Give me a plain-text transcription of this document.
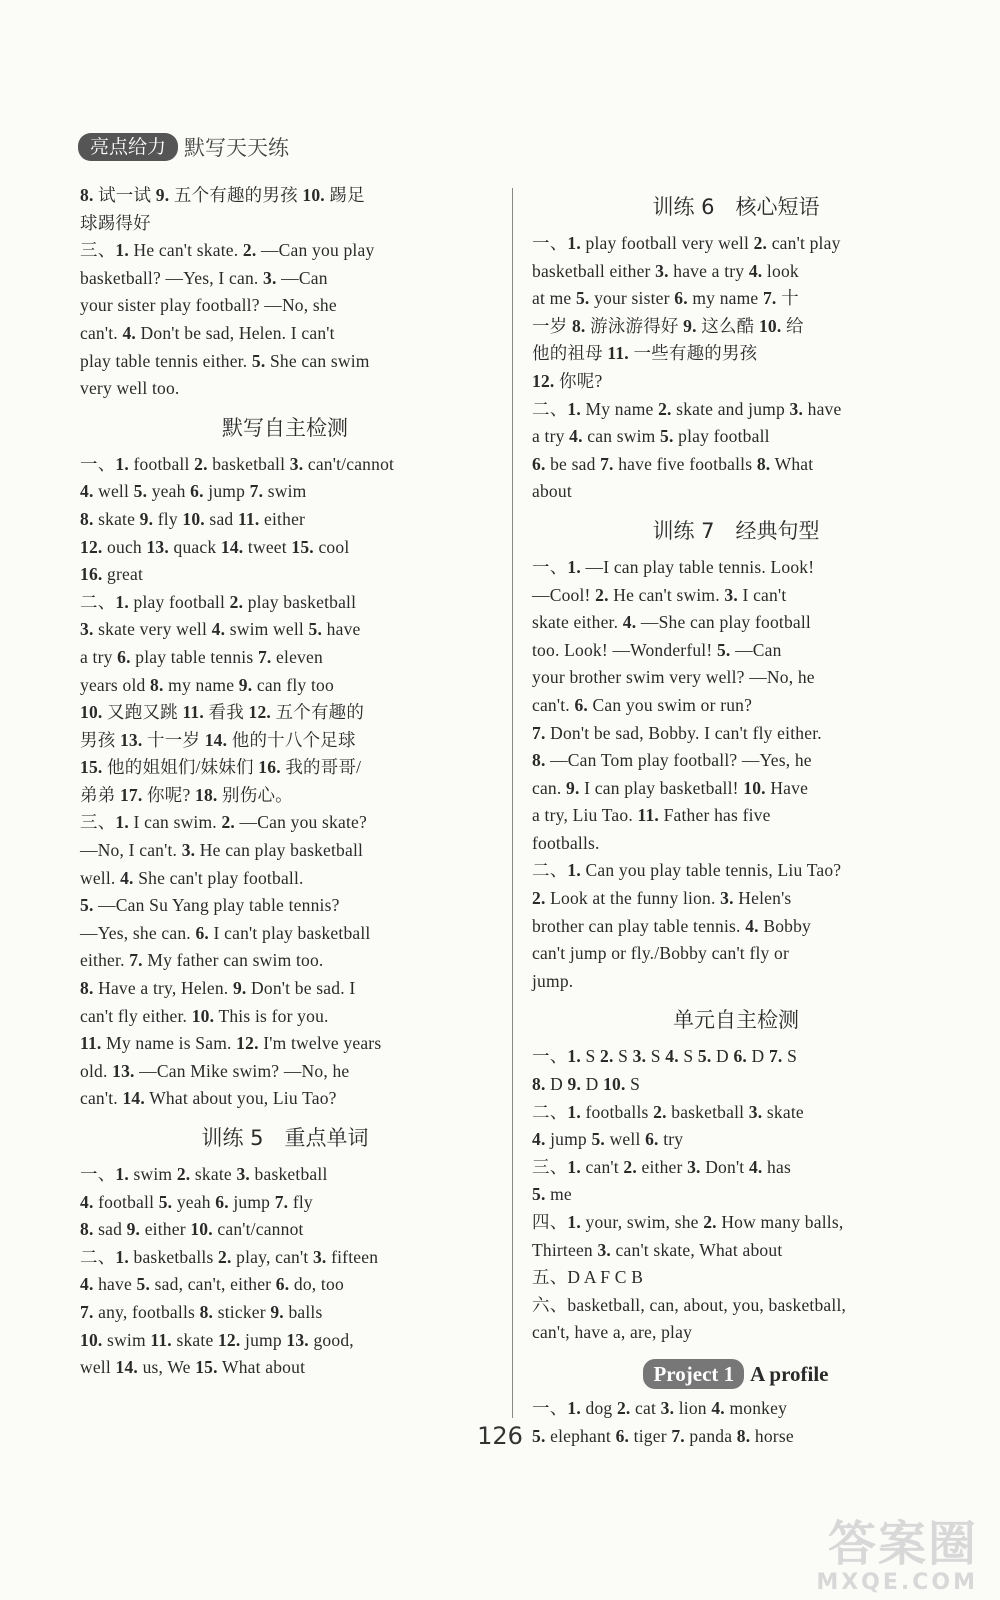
亮点给力 默写天天练
8. 试一试 9. 五个有趣的男孩 10. 踢足
球踢得好
三、1. He can't skate. 2. —Can you play
basketball? —Yes, I can. 3. —Can
your sister play football? —No, she
can't. 4. Don't be sad, Helen. I can't
play table tennis either. 5. She can swim
very well too.
默写自主检测
一、1. football 2. basketball 3. can't/cannot
4. well 5. yeah 6. jump 7. swim
8. skate 9. fly 10. sad 11. either
12. ouch 13. quack 14. tweet 15. cool
16. great
二、1. play football 2. play basketball
3. skate very well 4. swim well 5. have
a try 6. play table tennis 7. eleven
years old 8. my name 9. can fly too
10. 又跑又跳 11. 看我 12. 五个有趣的
男孩 13. 十一岁 14. 他的十八个足球
15. 他的姐姐们/妹妹们 16. 我的哥哥/
弟弟 17. 你呢? 18. 别伤心。
三、1. I can swim. 2. —Can you skate?
—No, I can't. 3. He can play basketball
well. 4. She can't play football.
5. —Can Su Yang play table tennis?
—Yes, she can. 6. I can't play basketball
either. 7. My father can swim too.
8. Have a try, Helen. 9. Don't be sad. I
can't fly either. 10. This is for you.
11. My name is Sam. 12. I'm twelve years
old. 13. —Can Mike swim? —No, he
can't. 14. What about you, Liu Tao?
训练 5　重点单词
一、1. swim 2. skate 3. basketball
4. football 5. yeah 6. jump 7. fly
8. sad 9. either 10. can't/cannot
二、1. basketballs 2. play, can't 3. fifteen
4. have 5. sad, can't, either 6. do, too
7. any, footballs 8. sticker 9. balls
10. swim 11. skate 12. jump 13. good,
well 14. us, We 15. What about
训练 6　核心短语
一、1. play football very well 2. can't play
basketball either 3. have a try 4. look
at me 5. your sister 6. my name 7. 十
一岁 8. 游泳游得好 9. 这么酷 10. 给
他的祖母 11. 一些有趣的男孩
12. 你呢?
二、1. My name 2. skate and jump 3. have
a try 4. can swim 5. play football
6. be sad 7. have five footballs 8. What
about
训练 7　经典句型
一、1. —I can play table tennis. Look!
—Cool! 2. He can't swim. 3. I can't
skate either. 4. —She can play football
too. Look! —Wonderful! 5. —Can
your brother swim very well? —No, he
can't. 6. Can you swim or run?
7. Don't be sad, Bobby. I can't fly either.
8. —Can Tom play football? —Yes, he
can. 9. I can play basketball! 10. Have
a try, Liu Tao. 11. Father has five
footballs.
二、1. Can you play table tennis, Liu Tao?
2. Look at the funny lion. 3. Helen's
brother can play table tennis. 4. Bobby
can't jump or fly./Bobby can't fly or
jump.
单元自主检测
一、1. S 2. S 3. S 4. S 5. D 6. D 7. S
8. D 9. D 10. S
二、1. footballs 2. basketball 3. skate
4. jump 5. well 6. try
三、1. can't 2. either 3. Don't 4. has
5. me
四、1. your, swim, she 2. How many balls,
Thirteen 3. can't skate, What about
五、D A F C B
六、basketball, can, about, you, basketball,
can't, have a, are, play
Project 1 A profile
一、1. dog 2. cat 3. lion 4. monkey
5. elephant 6. tiger 7. panda 8. horse
126
答案圈
MXQE.COM
